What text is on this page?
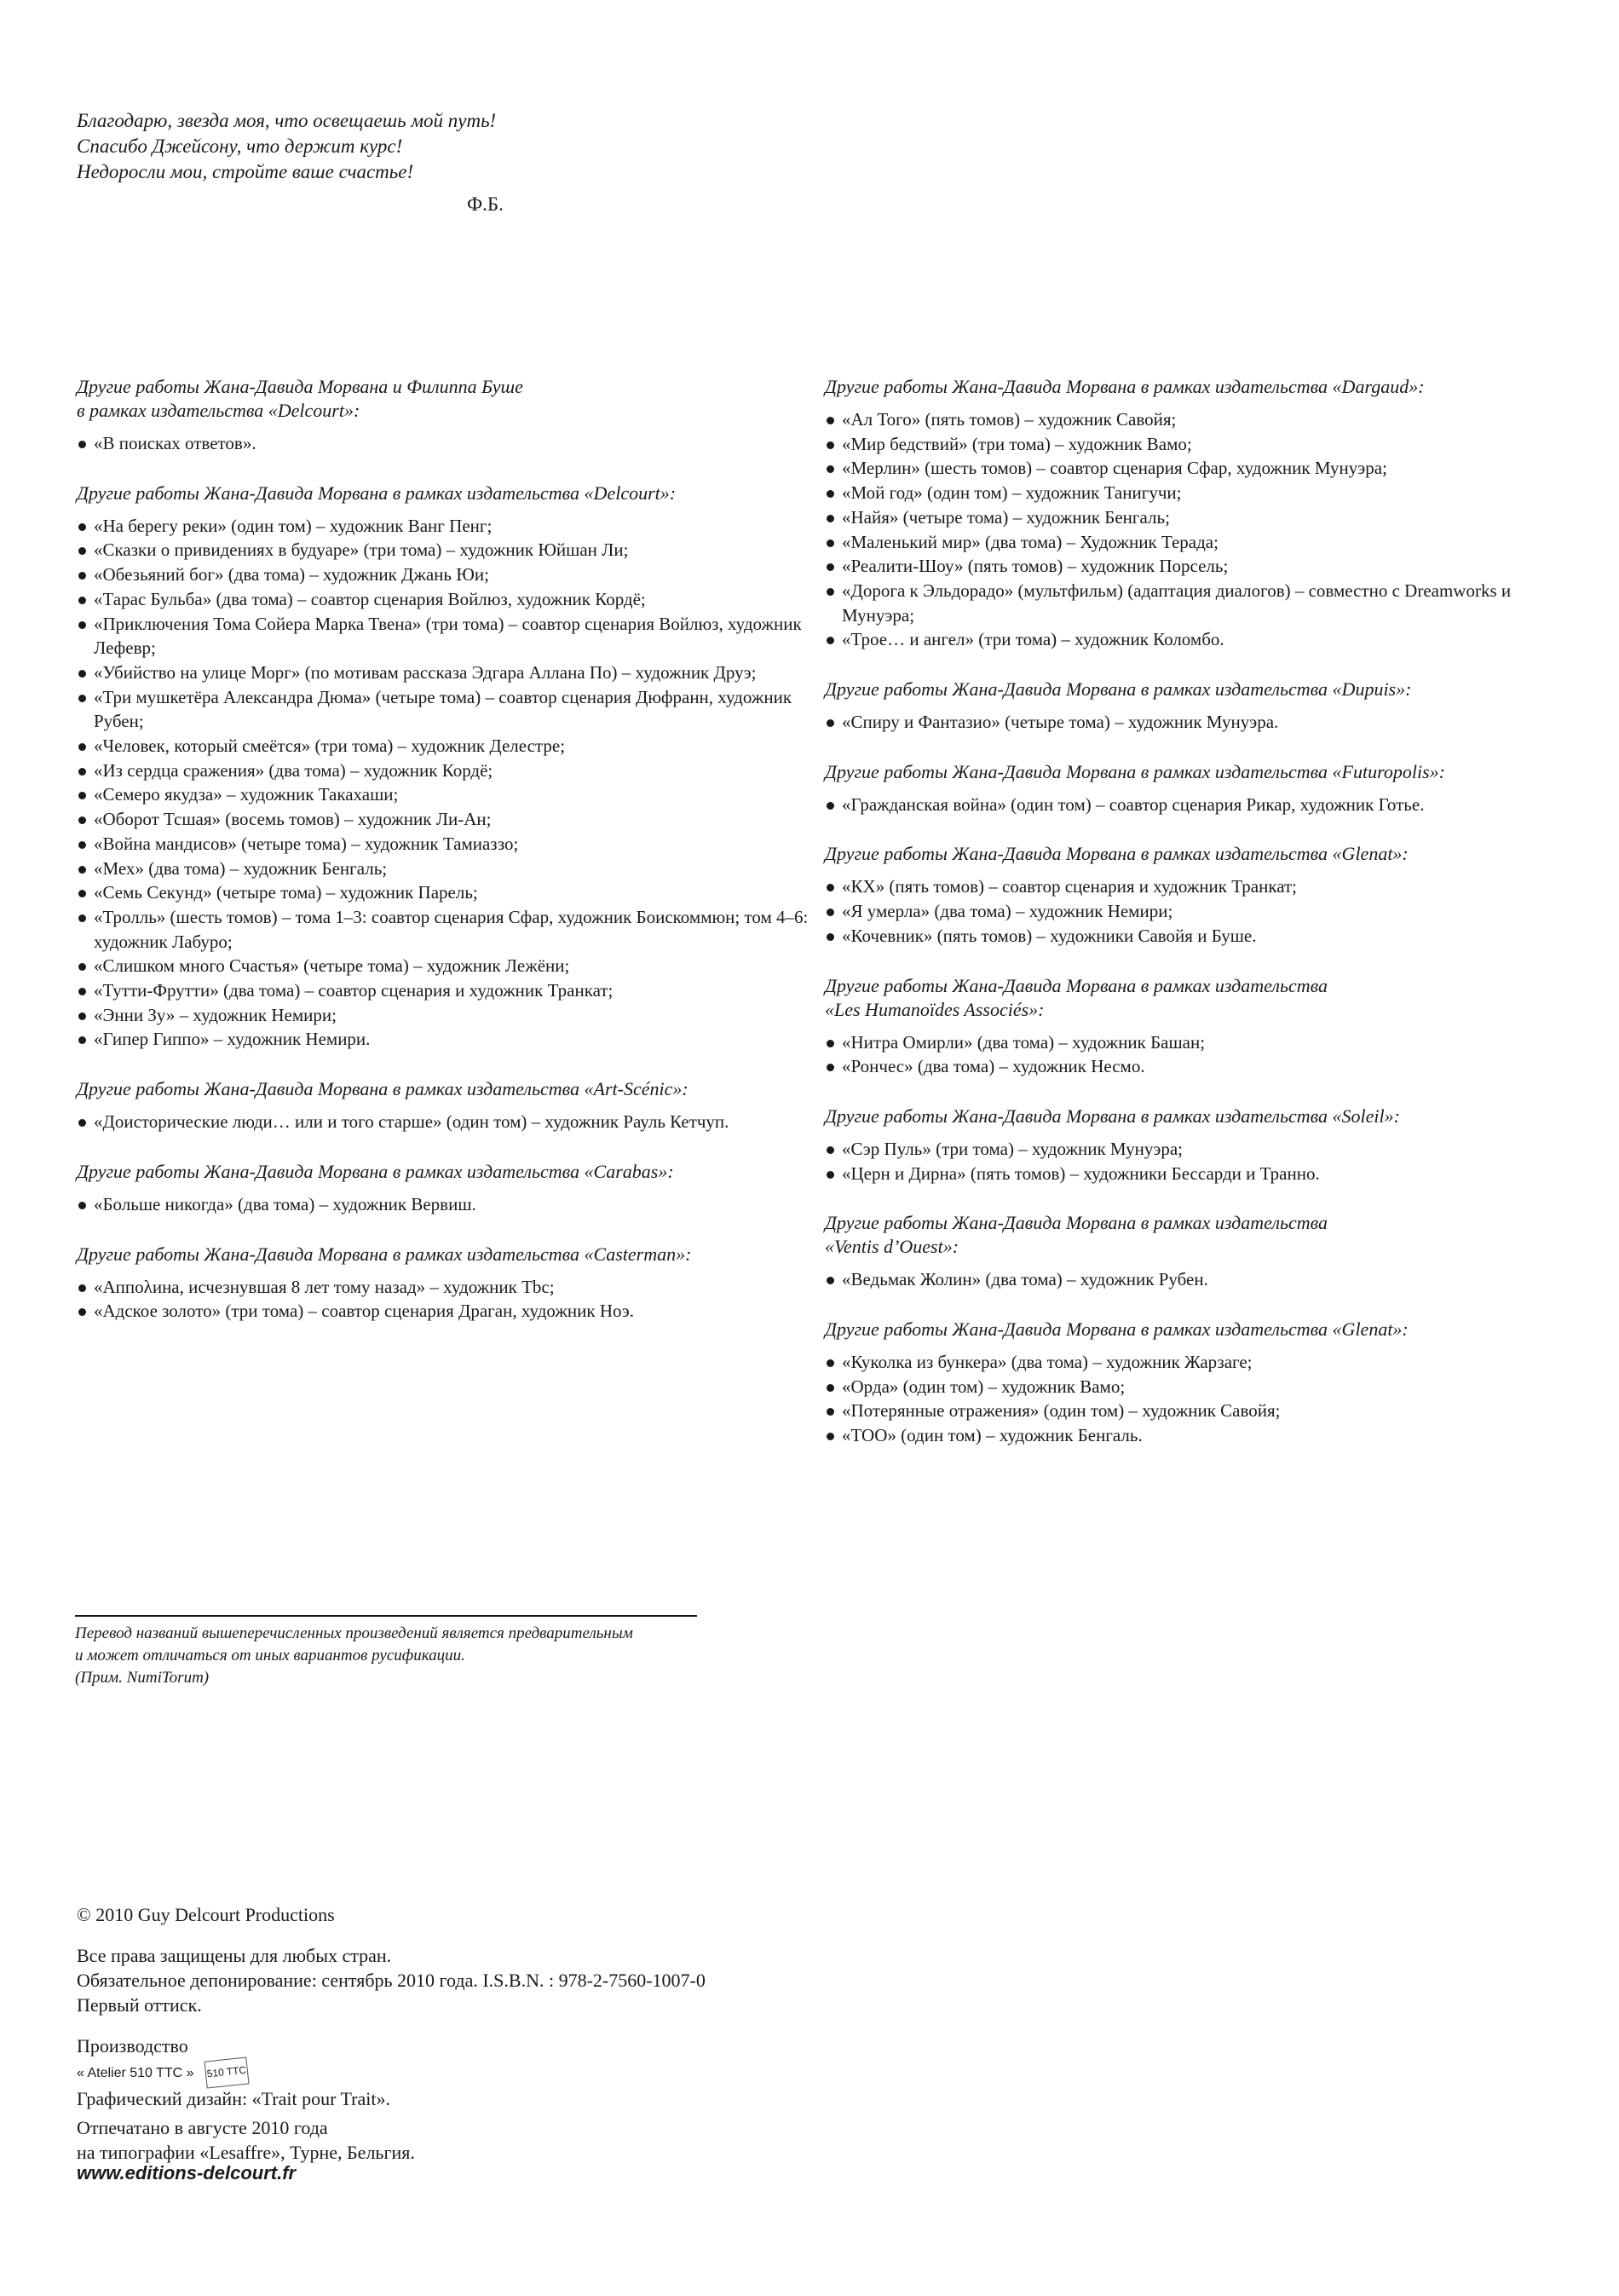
Благодарю, звезда моя, что освещаешь мой путь!
Спасибо Джейсону, что держит курс!
Недоросли мои, стройте ваше счастье!
Ф.Б.
Другие работы Жана-Давида Морвана и Филиппа Буше
в рамках издательства «Delcourt»:
«В поисках ответов».
Другие работы Жана-Давида Морвана в рамках издательства «Delcourt»:
«На берегу реки» (один том) – художник Ванг Пенг;
«Сказки о привидениях в будуаре» (три тома) – художник Юйшан Ли;
«Обезьяний бог» (два тома) – художник Джань Юи;
«Тарас Бульба» (два тома) – соавтор сценария Войлюз, художник Кордё;
«Приключения Тома Сойера Марка Твена» (три тома) – соавтор сценария Войлюз, художник Лефевр;
«Убийство на улице Морг» (по мотивам рассказа Эдгара Аллана По) – художник Друэ;
«Три мушкетёра Александра Дюма» (четыре тома) – соавтор сценария Дюфранн, художник Рубен;
«Человек, который смеётся» (три тома) – художник Делестре;
«Из сердца сражения» (два тома) – художник Кордё;
«Семеро якудза» – художник Такахаши;
«Оборот Тсшая» (восемь томов) – художник Ли-Ан;
«Война мандисов» (четыре тома) – художник Тамиаззо;
«Мех» (два тома) – художник Бенгаль;
«Семь Секунд» (четыре тома) – художник Парель;
«Тролль» (шесть томов) – тома 1–3: соавтор сценария Сфар, художник Боискоммюн; том 4–6: художник Лабуро;
«Слишком много Счастья» (четыре тома) – художник Лежёни;
«Тутти-Фрутти» (два тома) – соавтор сценария и художник Транкат;
«Энни Зу» – художник Немири;
«Гипер Гиппо» – художник Немири.
Другие работы Жана-Давида Морвана в рамках издательства «Art-Scénic»:
«Доисторические люди… или и того старше» (один том) – художник Рауль Кетчуп.
Другие работы Жана-Давида Морвана в рамках издательства «Carabas»:
«Больше никогда» (два тома) – художник Вервиш.
Другие работы Жана-Давида Морвана в рамках издательства «Casterman»:
«Аппολина, исчезнувшая 8 лет тому назад» – художник Tbc;
«Адское золото» (три тома) – соавтор сценария Драган, художник Ноэ.
Другие работы Жана-Давида Морвана в рамках издательства «Dargaud»:
«Ал Того» (пять томов) – художник Савойя;
«Мир бедствий» (три тома) – художник Вамо;
«Мерлин» (шесть томов) – соавтор сценария Сфар, художник Мунуэра;
«Мой год» (один том) – художник Танигучи;
«Найя» (четыре тома) – художник Бенгаль;
«Маленький мир» (два тома) – Художник Терада;
«Реалити-Шоу» (пять томов) – художник Порсель;
«Дорога к Эльдорадо» (мультфильм) (адаптация диалогов) – совместно с Dreamworks и Мунуэра;
«Трое… и ангел» (три тома) – художник Коломбо.
Другие работы Жана-Давида Морвана в рамках издательства «Dupuis»:
«Спиру и Фантазио» (четыре тома) – художник Мунуэра.
Другие работы Жана-Давида Морвана в рамках издательства «Futuropolis»:
«Гражданская война» (один том) – соавтор сценария Рикар, художник Готье.
Другие работы Жана-Давида Морвана в рамках издательства «Glenat»:
«КХ» (пять томов) – соавтор сценария и художник Транкат;
«Я умерла» (два тома) – художник Немири;
«Кочевник» (пять томов) – художники Савойя и Буше.
Другие работы Жана-Давида Морвана в рамках издательства
«Les Humanoïdes Associés»:
«Нитра Омирли» (два тома) – художник Башан;
«Рончес» (два тома) – художник Несмо.
Другие работы Жана-Давида Морвана в рамках издательства «Soleil»:
«Сэр Пуль» (три тома) – художник Мунуэра;
«Церн и Дирна» (пять томов) – художники Бессарди и Транно.
Другие работы Жана-Давида Морвана в рамках издательства
«Ventis d’Ouest»:
«Ведьмак Жолин» (два тома) – художник Рубен.
Другие работы Жана-Давида Морвана в рамках издательства «Glenat»:
«Куколка из бункера» (два тома) – художник Жарзаге;
«Орда» (один том) – художник Вамо;
«Потерянные отражения» (один том) – художник Савойя;
«ТОО» (один том) – художник Бенгаль.
Перевод названий вышеперечисленных произведений является предварительным
и может отличаться от иных вариантов русификации.
(Прим. NumiTorum)
© 2010 Guy Delcourt Productions
Все права защищены для любых стран.
Обязательное депонирование: сентябрь 2010 года. I.S.B.N. : 978-2-7560-1007-0
Первый оттиск.
Производство
« Atelier 510 TTC » 510 TTC
Графический дизайн: «Trait pour Trait».
Отпечатано в августе 2010 года
на типографии «Lesaffre», Турне, Бельгия.
www.editions-delcourt.fr
